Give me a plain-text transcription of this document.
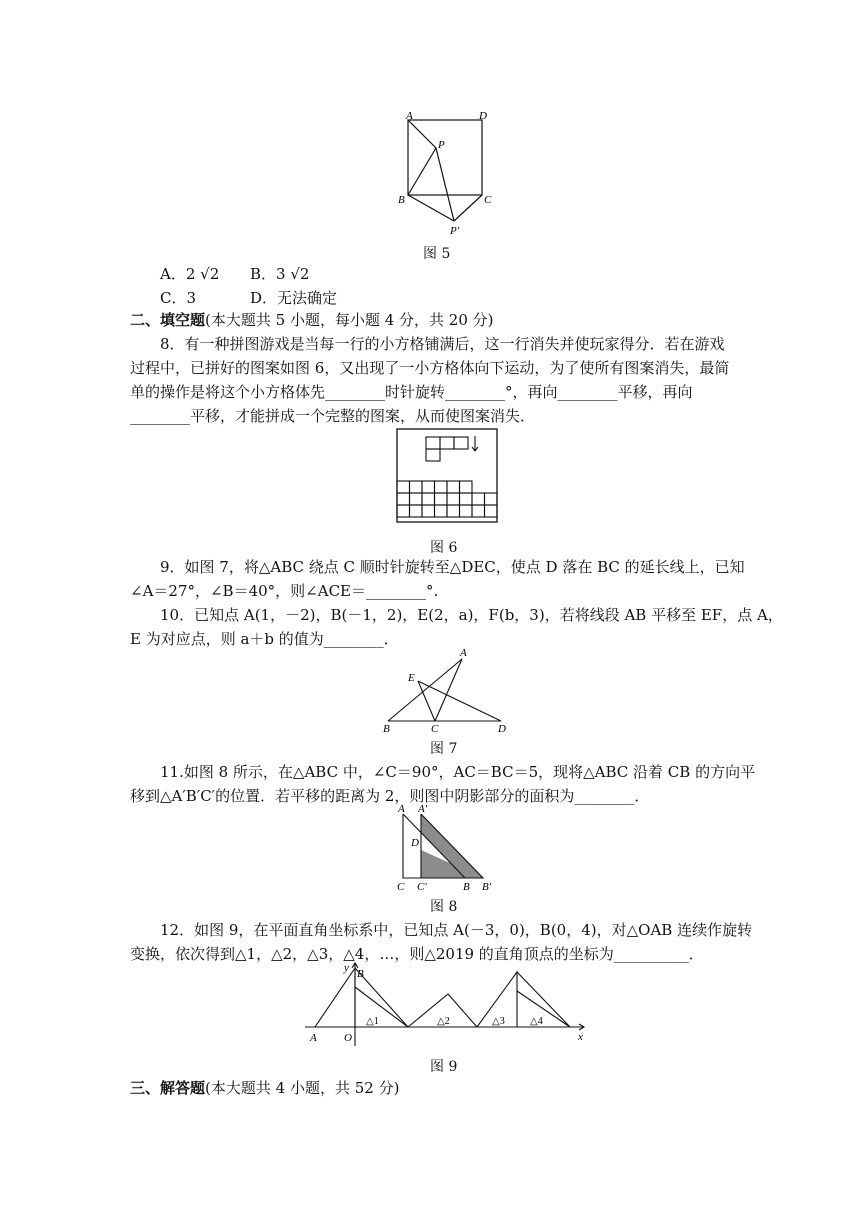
A	D
P
B	C
P′
图 5
A．2 √2 B．3 √2
C．3	D．无法确定
二、填空题(本大题共 5 小题，每小题 4 分，共 20 分)
8．有一种拼图游戏是当每一行的小方格铺满后，这一行消失并使玩家得分．若在游戏
过程中，已拼好的图案如图 6，又出现了一小方格体向下运动，为了使所有图案消失，最简
单的操作是将这个小方格体先________时针旋转________°，再向________平移，再向
________平移，才能拼成一个完整的图案，从而使图案消失．
图 6
9．如图 7，将△ABC 绕点 C 顺时针旋转至△DEC，使点 D 落在 BC 的延长线上，已知
∠A＝27°，∠B＝40°，则∠ACE＝________°.
10．已知点 A(1，－2)，B(－1，2)，E(2，a)，F(b，3)，若将线段 AB 平移至 EF，点 A，
E 为对应点，则 a＋b 的值为________．
A
E
B	C	D
图 7
11.如图 8 所示，在△ABC 中，∠C＝90°，AC＝BC＝5，现将△ABC 沿着 CB 的方向平
移到△A′B′C′的位置．若平移的距离为 2，则图中阴影部分的面积为________．
A A′
D
C C′	B B′
图 8
12．如图 9，在平面直角坐标系中，已知点 A(－3，0)，B(0，4)，对△OAB 连续作旋转
变换，依次得到△1，△2，△3，△4，…，则△2019 的直角顶点的坐标为__________．
y B
A O	x
△1	△2	△3	△4
图 9
三、解答题(本大题共 4 小题，共 52 分)
